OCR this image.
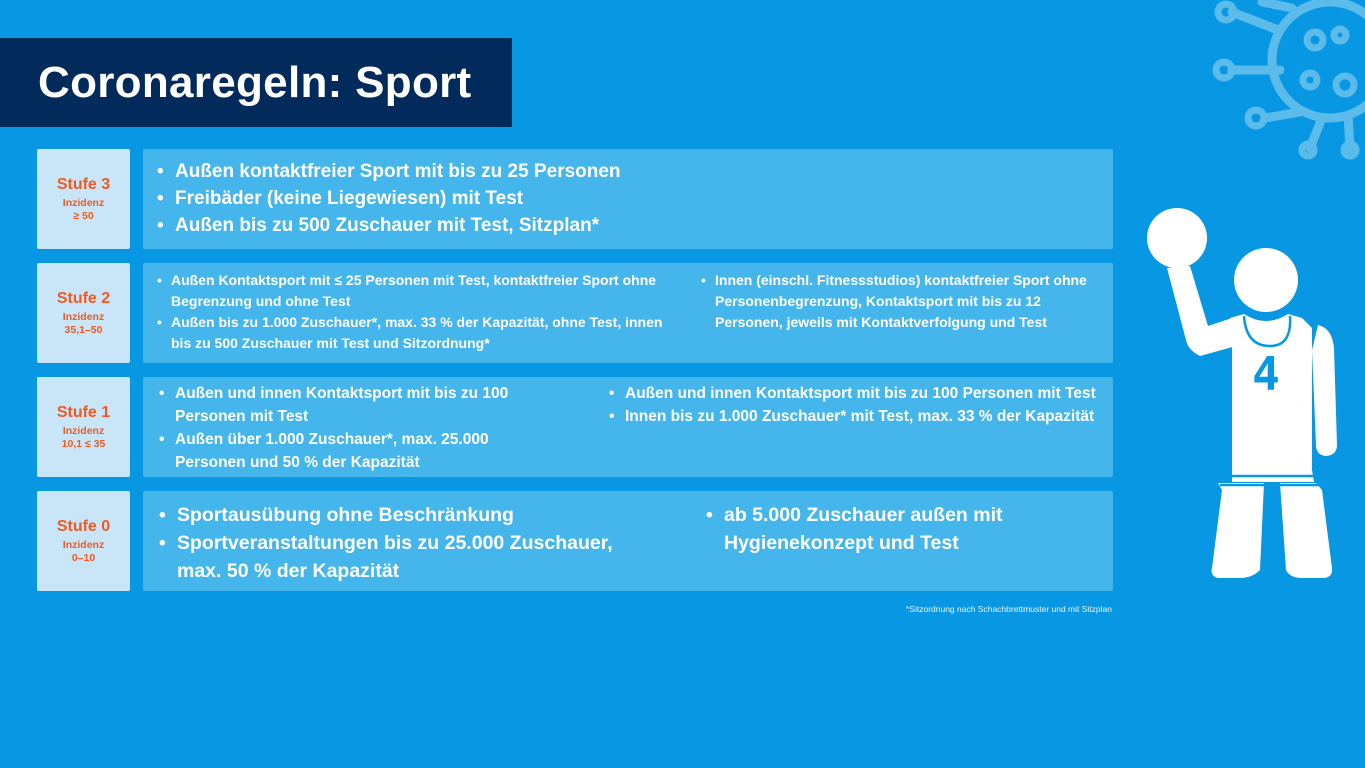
Coronaregeln: Sport
Stufe 3
Inzidenz
≥ 50
• Außen kontaktfreier Sport mit bis zu 25 Personen
• Freibäder (keine Liegewiesen) mit Test
• Außen bis zu 500 Zuschauer mit Test, Sitzplan*
Stufe 2
Inzidenz
35,1–50
• Außen Kontaktsport mit ≤ 25 Personen mit Test, kontaktfreier Sport ohne Begrenzung und ohne Test
• Außen bis zu 1.000 Zuschauer*, max. 33 % der Kapazität, ohne Test, innen bis zu 500 Zuschauer mit Test und Sitzordnung*
• Innen (einschl. Fitnessstudios) kontaktfreier Sport ohne Personenbegrenzung, Kontaktsport mit bis zu 12 Personen, jeweils mit Kontaktverfolgung und Test
Stufe 1
Inzidenz
10,1 ≤ 35
• Außen und innen Kontaktsport mit bis zu 100 Personen mit Test
• Außen über 1.000 Zuschauer*, max. 25.000 Personen und 50 % der Kapazität
• Außen und innen Kontaktsport mit bis zu 100 Personen mit Test
• Innen bis zu 1.000 Zuschauer* mit Test, max. 33 % der Kapazität
Stufe 0
Inzidenz
0–10
• Sportausübung ohne Beschränkung
• Sportveranstaltungen bis zu 25.000 Zuschauer, max. 50 % der Kapazität
• ab 5.000 Zuschauer außen mit Hygienekonzept und Test
*Sitzordnung nach Schachbrettmuster und mit Sitzplan
4
